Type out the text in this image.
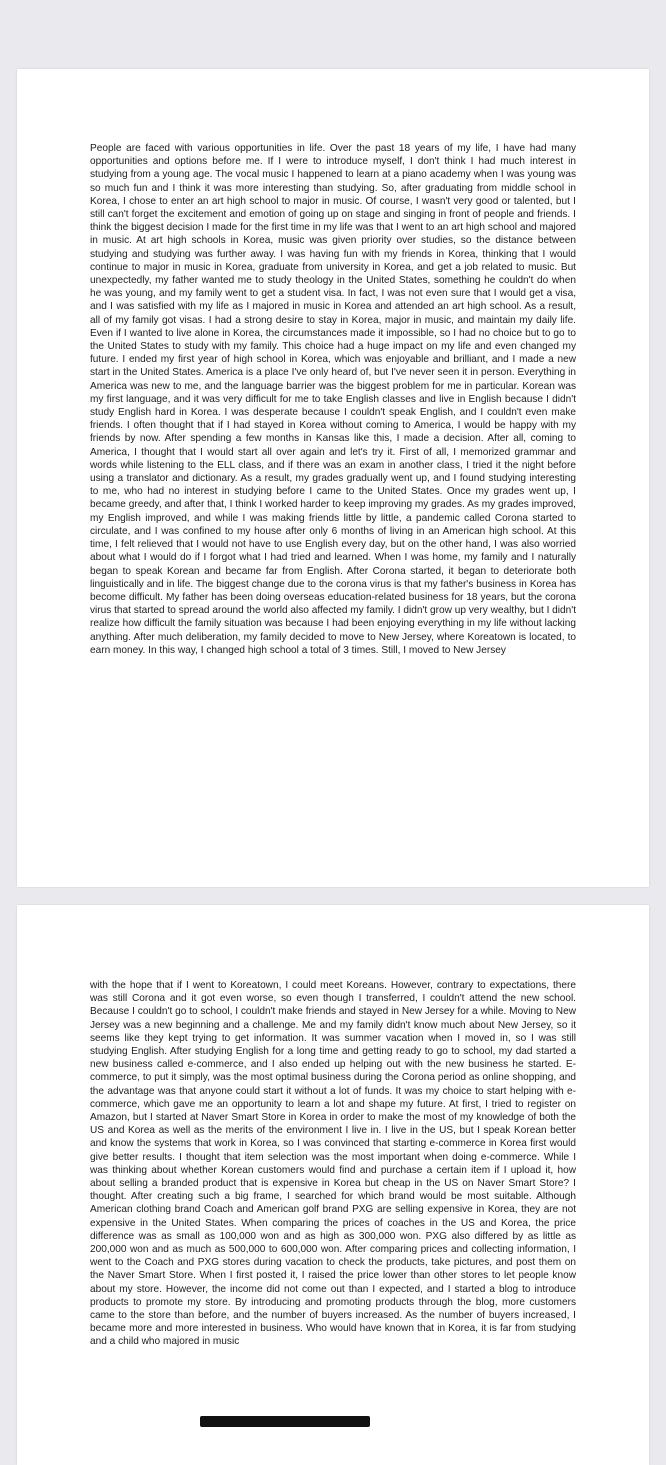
People are faced with various opportunities in life. Over the past 18 years of my life, I have had many opportunities and options before me. If I were to introduce myself, I don't think I had much interest in studying from a young age. The vocal music I happened to learn at a piano academy when I was young was so much fun and I think it was more interesting than studying. So, after graduating from middle school in Korea, I chose to enter an art high school to major in music. Of course, I wasn't very good or talented, but I still can't forget the excitement and emotion of going up on stage and singing in front of people and friends. I think the biggest decision I made for the first time in my life was that I went to an art high school and majored in music. At art high schools in Korea, music was given priority over studies, so the distance between studying and studying was further away. I was having fun with my friends in Korea, thinking that I would continue to major in music in Korea, graduate from university in Korea, and get a job related to music. But unexpectedly, my father wanted me to study theology in the United States, something he couldn't do when he was young, and my family went to get a student visa. In fact, I was not even sure that I would get a visa, and I was satisfied with my life as I majored in music in Korea and attended an art high school. As a result, all of my family got visas. I had a strong desire to stay in Korea, major in music, and maintain my daily life. Even if I wanted to live alone in Korea, the circumstances made it impossible, so I had no choice but to go to the United States to study with my family. This choice had a huge impact on my life and even changed my future. I ended my first year of high school in Korea, which was enjoyable and brilliant, and I made a new start in the United States. America is a place I've only heard of, but I've never seen it in person. Everything in America was new to me, and the language barrier was the biggest problem for me in particular. Korean was my first language, and it was very difficult for me to take English classes and live in English because I didn't study English hard in Korea. I was desperate because I couldn't speak English, and I couldn't even make friends. I often thought that if I had stayed in Korea without coming to America, I would be happy with my friends by now. After spending a few months in Kansas like this, I made a decision. After all, coming to America, I thought that I would start all over again and let's try it. First of all, I memorized grammar and words while listening to the ELL class, and if there was an exam in another class, I tried it the night before using a translator and dictionary. As a result, my grades gradually went up, and I found studying interesting to me, who had no interest in studying before I came to the United States. Once my grades went up, I became greedy, and after that, I think I worked harder to keep improving my grades. As my grades improved, my English improved, and while I was making friends little by little, a pandemic called Corona started to circulate, and I was confined to my house after only 6 months of living in an American high school. At this time, I felt relieved that I would not have to use English every day, but on the other hand, I was also worried about what I would do if I forgot what I had tried and learned. When I was home, my family and I naturally began to speak Korean and became far from English. After Corona started, it began to deteriorate both linguistically and in life. The biggest change due to the corona virus is that my father's business in Korea has become difficult. My father has been doing overseas education-related business for 18 years, but the corona virus that started to spread around the world also affected my family. I didn't grow up very wealthy, but I didn't realize how difficult the family situation was because I had been enjoying everything in my life without lacking anything. After much deliberation, my family decided to move to New Jersey, where Koreatown is located, to earn money. In this way, I changed high school a total of 3 times. Still, I moved to New Jersey

with the hope that if I went to Koreatown, I could meet Koreans. However, contrary to expectations, there was still Corona and it got even worse, so even though I transferred, I couldn't attend the new school. Because I couldn't go to school, I couldn't make friends and stayed in New Jersey for a while. Moving to New Jersey was a new beginning and a challenge. Me and my family didn't know much about New Jersey, so it seems like they kept trying to get information. It was summer vacation when I moved in, so I was still studying English. After studying English for a long time and getting ready to go to school, my dad started a new business called e-commerce, and I also ended up helping out with the new business he started. E-commerce, to put it simply, was the most optimal business during the Corona period as online shopping, and the advantage was that anyone could start it without a lot of funds. It was my choice to start helping with e-commerce, which gave me an opportunity to learn a lot and shape my future. At first, I tried to register on Amazon, but I started at Naver Smart Store in Korea in order to make the most of my knowledge of both the US and Korea as well as the merits of the environment I live in. I live in the US, but I speak Korean better and know the systems that work in Korea, so I was convinced that starting e-commerce in Korea first would give better results. I thought that item selection was the most important when doing e-commerce. While I was thinking about whether Korean customers would find and purchase a certain item if I upload it, how about selling a branded product that is expensive in Korea but cheap in the US on Naver Smart Store? I thought. After creating such a big frame, I searched for which brand would be most suitable. Although American clothing brand Coach and American golf brand PXG are selling expensive in Korea, they are not expensive in the United States. When comparing the prices of coaches in the US and Korea, the price difference was as small as 100,000 won and as high as 300,000 won. PXG also differed by as little as 200,000 won and as much as 500,000 to 600,000 won. After comparing prices and collecting information, I went to the Coach and PXG stores during vacation to check the products, take pictures, and post them on the Naver Smart Store. When I first posted it, I raised the price lower than other stores to let people know about my store. However, the income did not come out than I expected, and I started a blog to introduce products to promote my store. By introducing and promoting products through the blog, more customers came to the store than before, and the number of buyers increased. As the number of buyers increased, I became more and more interested in business. Who would have known that in Korea, it is far from studying and a child who majored in music
